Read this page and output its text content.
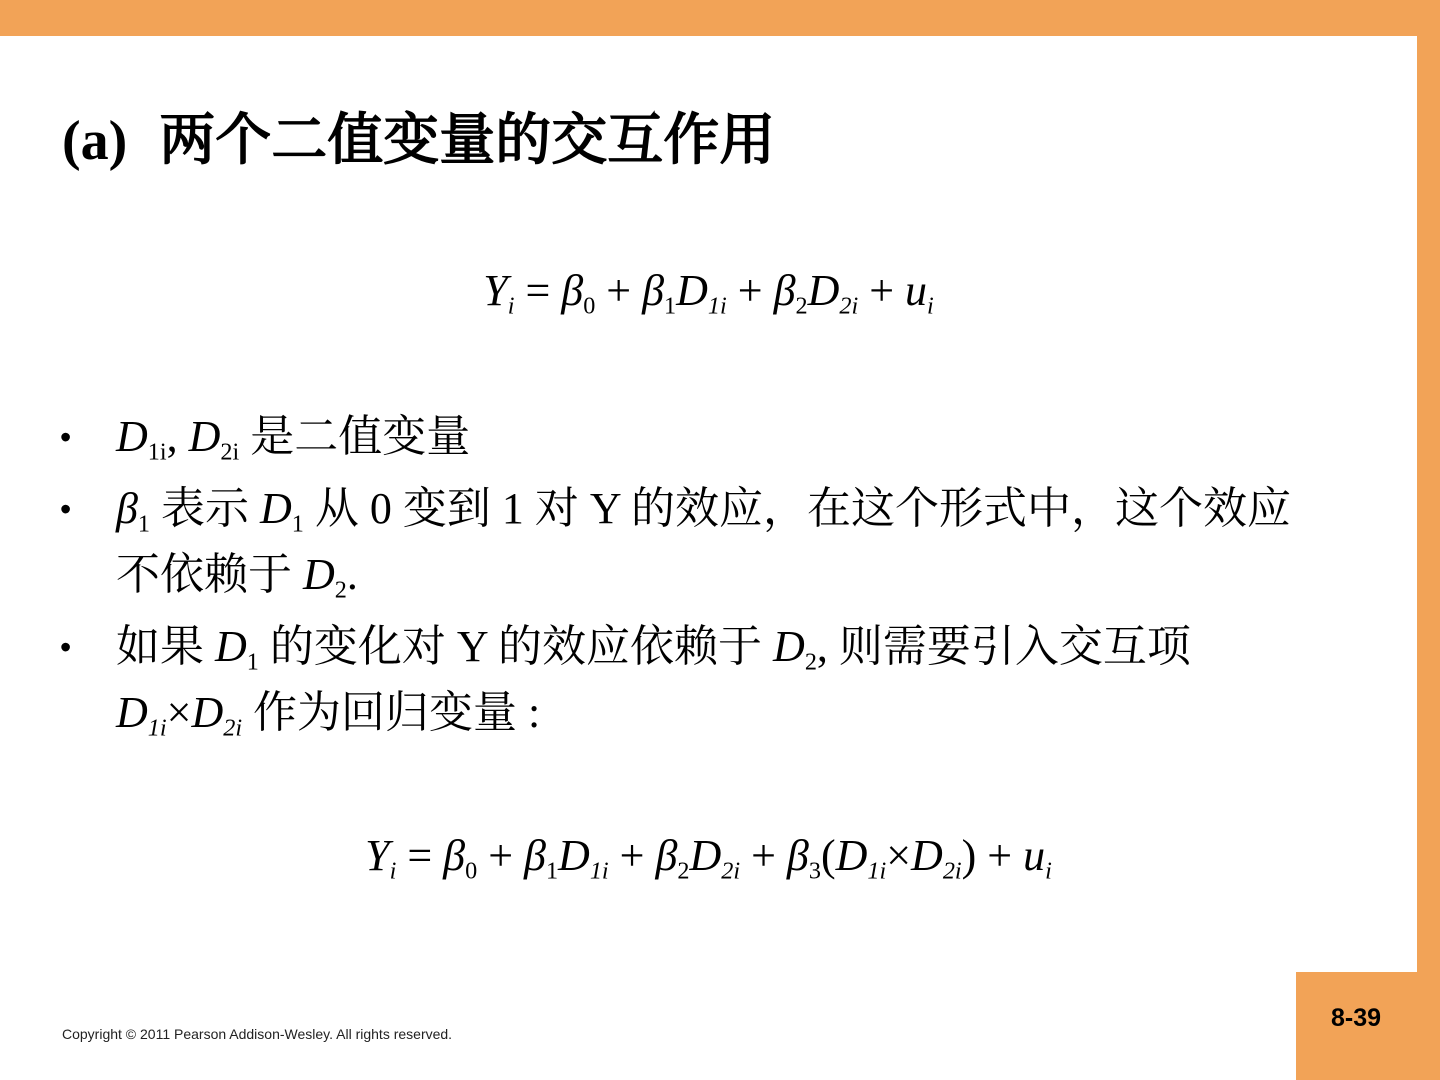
(a) 两个二值变量的交互作用
$Y_i = \beta_0 + \beta_1D_{1i} + \beta_2D_{2i} + u_i$
• $D_{1i}$, $D_{2i}$ 是二值变量
• $\beta_1$ 表示 $D_1$ 从 0 变到 1 对 Y 的效应，在这个形式中，这个效应不依赖于 $D_2$.
• 如果 $D_1$ 的变化对 Y 的效应依赖于 $D_2$, 则需要引入交互项 $D_{1i}\times D_{2i}$ 作为回归变量 :
$Y_i = \beta_0 + \beta_1D_{1i} + \beta_2D_{2i} + \beta_3(D_{1i}\times D_{2i}) + u_i$
Copyright © 2011 Pearson Addison-Wesley. All rights reserved.
8-39
